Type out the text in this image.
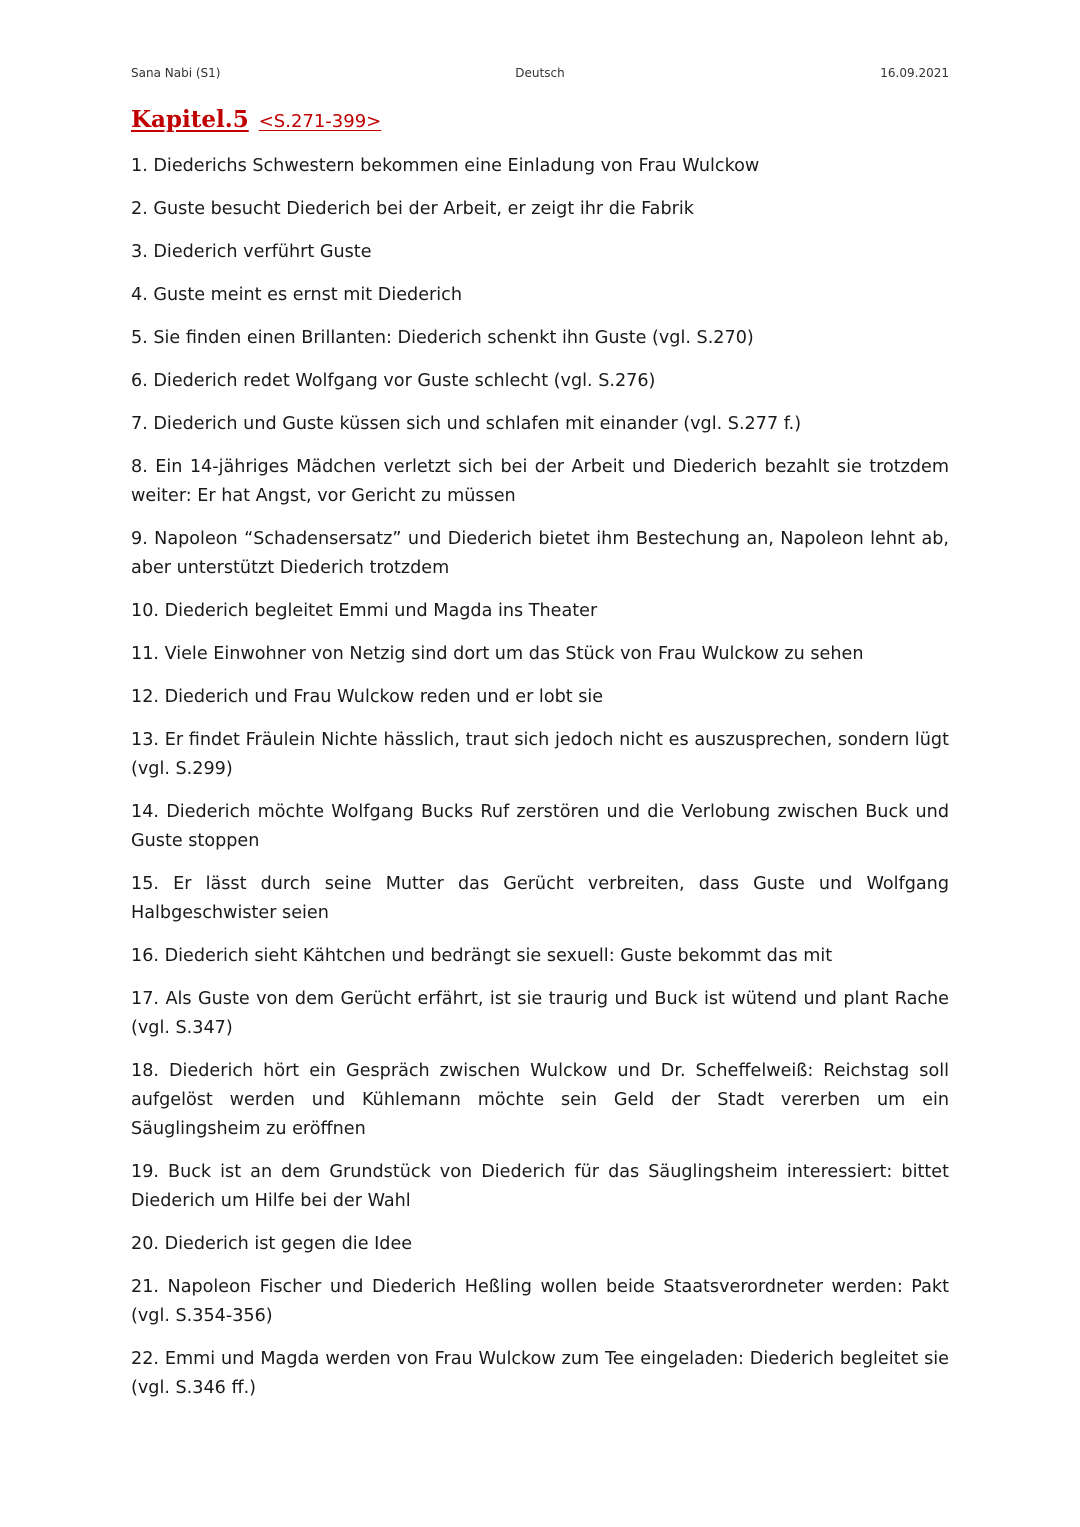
Sana Nabi (S1)	Deutsch	16.09.2021
Kapitel.5 <S.271-399>
1. Diederichs Schwestern bekommen eine Einladung von Frau Wulckow
2. Guste besucht Diederich bei der Arbeit, er zeigt ihr die Fabrik
3. Diederich verführt Guste
4. Guste meint es ernst mit Diederich
5. Sie finden einen Brillanten: Diederich schenkt ihn Guste (vgl. S.270)
6. Diederich redet Wolfgang vor Guste schlecht (vgl. S.276)
7. Diederich und Guste küssen sich und schlafen mit einander (vgl. S.277 f.)
8. Ein 14-jähriges Mädchen verletzt sich bei der Arbeit und Diederich bezahlt sie trotzdem weiter: Er hat Angst, vor Gericht zu müssen
9. Napoleon “Schadensersatz” und Diederich bietet ihm Bestechung an, Napoleon lehnt ab, aber unterstützt Diederich trotzdem
10. Diederich begleitet Emmi und Magda ins Theater
11. Viele Einwohner von Netzig sind dort um das Stück von Frau Wulckow zu sehen
12. Diederich und Frau Wulckow reden und er lobt sie
13. Er findet Fräulein Nichte hässlich, traut sich jedoch nicht es auszusprechen, sondern lügt (vgl. S.299)
14. Diederich möchte Wolfgang Bucks Ruf zerstören und die Verlobung zwischen Buck und Guste stoppen
15. Er lässt durch seine Mutter das Gerücht verbreiten, dass Guste und Wolfgang Halbgeschwister seien
16. Diederich sieht Kähtchen und bedrängt sie sexuell: Guste bekommt das mit
17. Als Guste von dem Gerücht erfährt, ist sie traurig und Buck ist wütend und plant Rache (vgl. S.347)
18. Diederich hört ein Gespräch zwischen Wulckow und Dr. Scheffelweiß: Reichstag soll aufgelöst werden und Kühlemann möchte sein Geld der Stadt vererben um ein Säuglingsheim zu eröffnen
19. Buck ist an dem Grundstück von Diederich für das Säuglingsheim interessiert: bittet Diederich um Hilfe bei der Wahl
20. Diederich ist gegen die Idee
21. Napoleon Fischer und Diederich Heßling wollen beide Staatsverordneter werden: Pakt (vgl. S.354-356)
22. Emmi und Magda werden von Frau Wulckow zum Tee eingeladen: Diederich begleitet sie (vgl. S.346 ff.)
